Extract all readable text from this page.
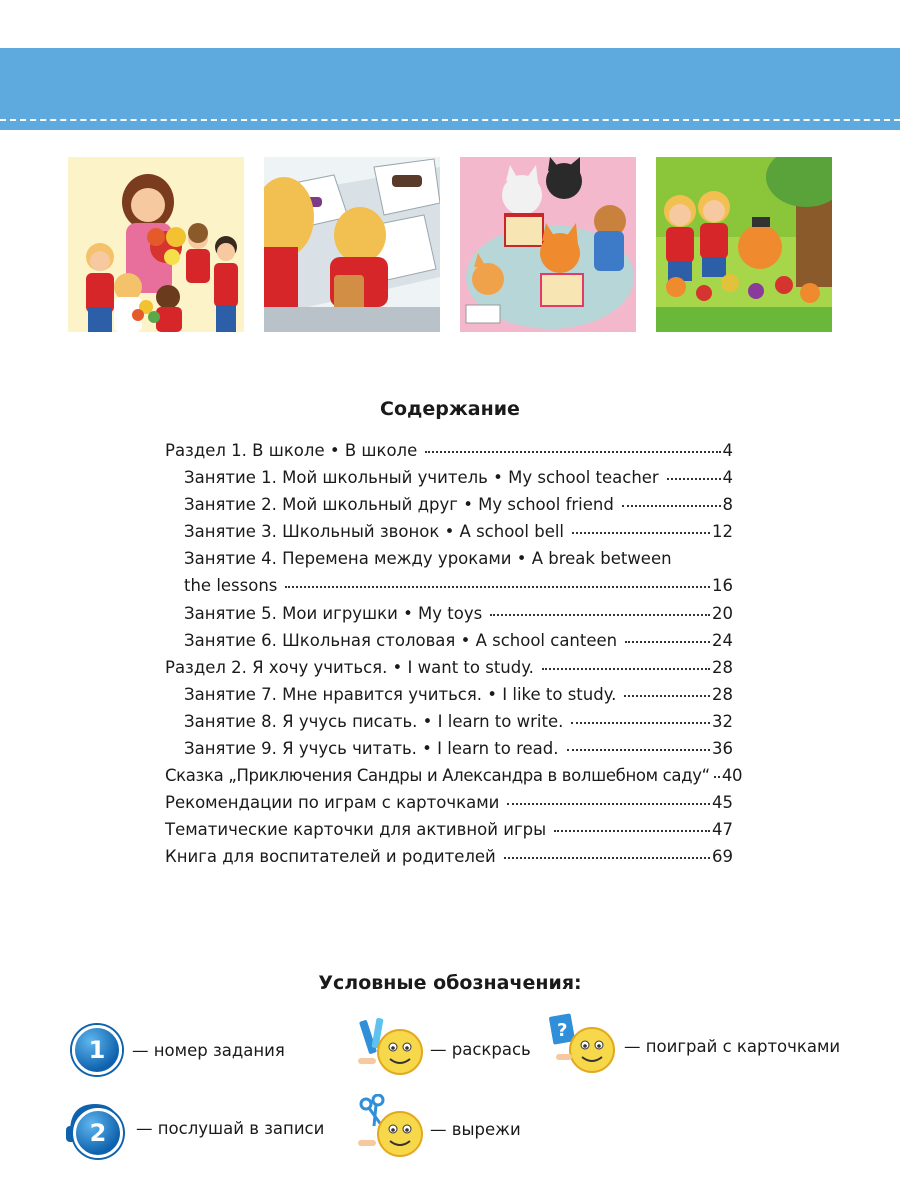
Содержание
Раздел 1. В школе • В школе	4
Занятие 1. Мой школьный учитель • My school teacher	4
Занятие 2. Мой школьный друг • My school friend	8
Занятие 3. Школьный звонок • A school bell	12
Занятие 4. Перемена между уроками • A break between
the lessons	16
Занятие 5. Мои игрушки • My toys	20
Занятие 6. Школьная столовая • A school canteen	24
Раздел 2. Я хочу учиться. • I want to study.	28
Занятие 7. Мне нравится учиться. • I like to study.	28
Занятие 8. Я учусь писать. • I learn to write.	32
Занятие 9. Я учусь читать. • I learn to read.	36
Сказка „Приключения Сандры и Александра в волшебном саду“ 40
Рекомендации по играм с карточками	45
Тематические карточки для активной игры	47
Книга для воспитателей и родителей	69
Условные обозначения:
1	— номер задания	— раскрась
?
— поиграй с карточками
2	— послушай в записи	— вырежи
